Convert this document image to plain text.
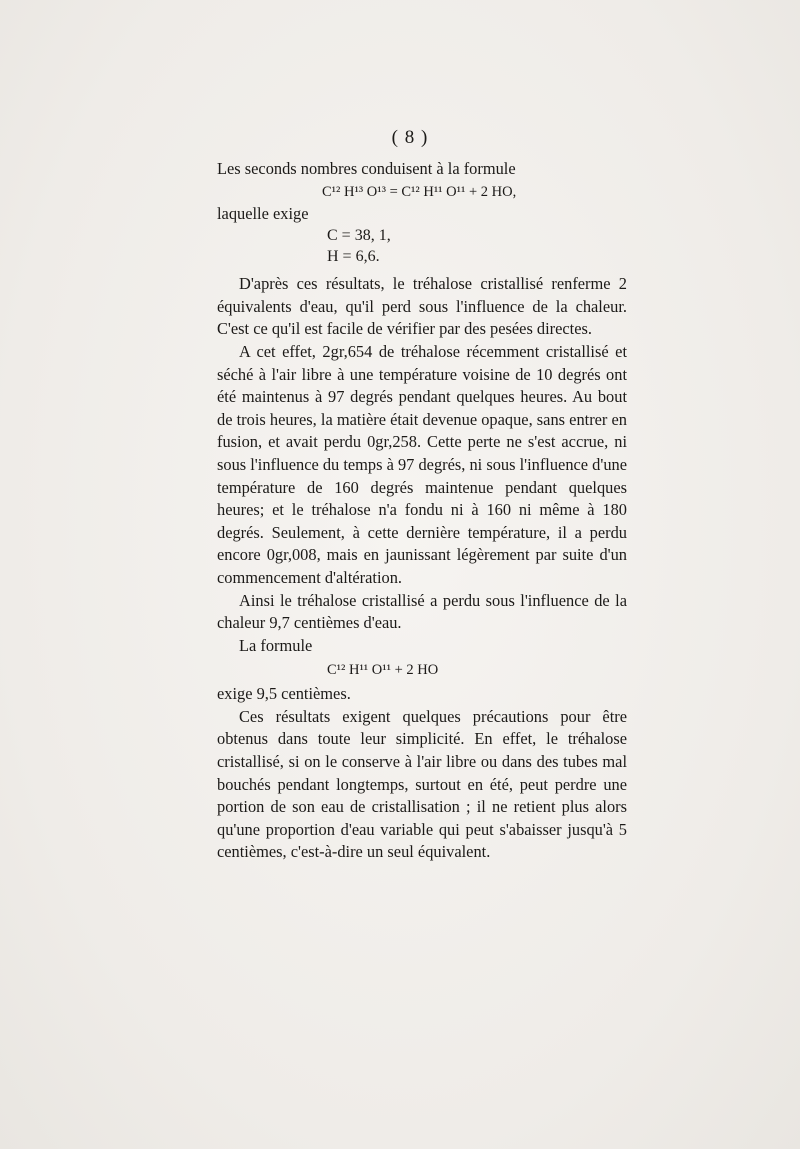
( 8 )

Les seconds nombres conduisent à la formule

C¹² H¹³ O¹³ = C¹² H¹¹ O¹¹ + 2 HO,

laquelle exige

C = 38, 1,
H = 6,6.

D'après ces résultats, le tréhalose cristallisé renferme 2 équivalents d'eau, qu'il perd sous l'influence de la chaleur. C'est ce qu'il est facile de vérifier par des pesées directes.

A cet effet, 2gr,654 de tréhalose récemment cristallisé et séché à l'air libre à une température voisine de 10 degrés ont été maintenus à 97 degrés pendant quelques heures. Au bout de trois heures, la matière était devenue opaque, sans entrer en fusion, et avait perdu 0gr,258. Cette perte ne s'est accrue, ni sous l'influence du temps à 97 degrés, ni sous l'influence d'une température de 160 degrés maintenue pendant quelques heures; et le tréhalose n'a fondu ni à 160 ni même à 180 degrés. Seulement, à cette dernière température, il a perdu encore 0gr,008, mais en jaunissant légèrement par suite d'un commencement d'altération.

Ainsi le tréhalose cristallisé a perdu sous l'influence de la chaleur 9,7 centièmes d'eau.

La formule

C¹² H¹¹ O¹¹ + 2 HO

exige 9,5 centièmes.

Ces résultats exigent quelques précautions pour être obtenus dans toute leur simplicité. En effet, le tréhalose cristallisé, si on le conserve à l'air libre ou dans des tubes mal bouchés pendant longtemps, surtout en été, peut perdre une portion de son eau de cristallisation ; il ne retient plus alors qu'une proportion d'eau variable qui peut s'abaisser jusqu'à 5 centièmes, c'est-à-dire un seul équivalent.
